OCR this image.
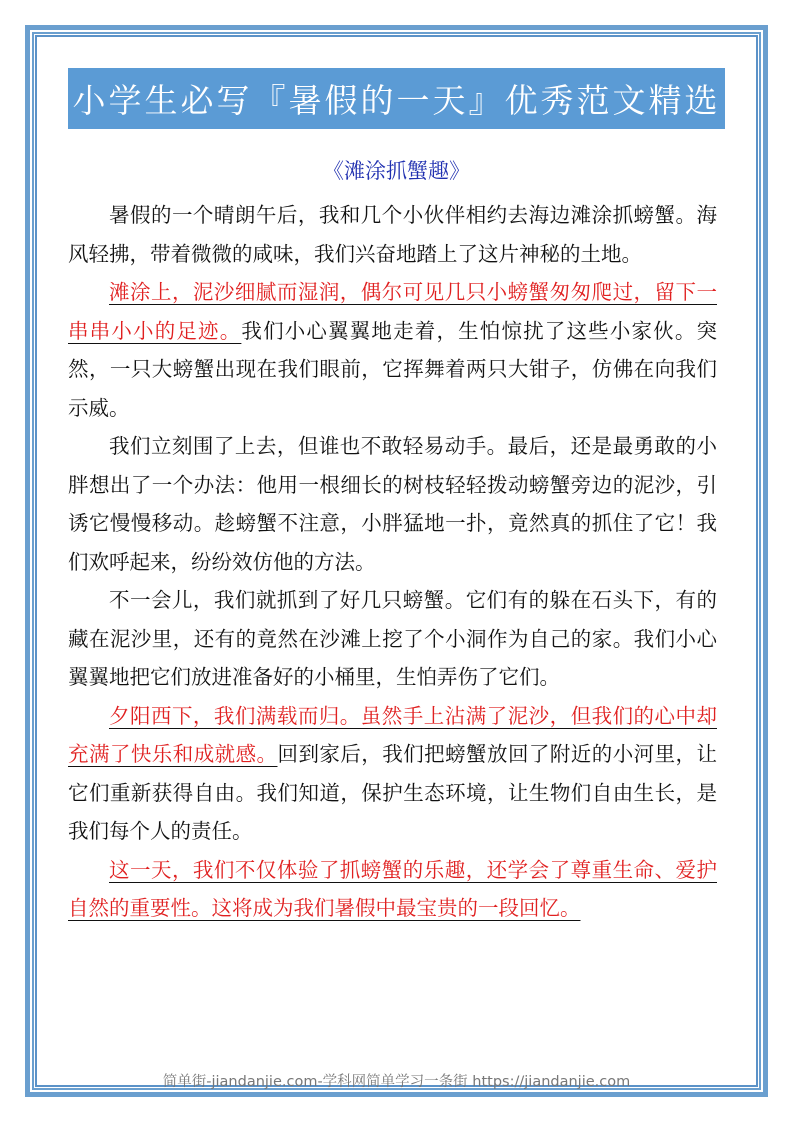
小学生必写『暑假的一天』优秀范文精选
《滩涂抓蟹趣》

暑假的一个晴朗午后，我和几个小伙伴相约去海边滩涂抓螃蟹。海风轻拂，带着微微的咸味，我们兴奋地踏上了这片神秘的土地。

滩涂上，泥沙细腻而湿润，偶尔可见几只小螃蟹匆匆爬过，留下一串串小小的足迹。我们小心翼翼地走着，生怕惊扰了这些小家伙。突然，一只大螃蟹出现在我们眼前，它挥舞着两只大钳子，仿佛在向我们示威。

我们立刻围了上去，但谁也不敢轻易动手。最后，还是最勇敢的小胖想出了一个办法：他用一根细长的树枝轻轻拨动螃蟹旁边的泥沙，引诱它慢慢移动。趁螃蟹不注意，小胖猛地一扑，竟然真的抓住了它！我们欢呼起来，纷纷效仿他的方法。

不一会儿，我们就抓到了好几只螃蟹。它们有的躲在石头下，有的藏在泥沙里，还有的竟然在沙滩上挖了个小洞作为自己的家。我们小心翼翼地把它们放进准备好的小桶里，生怕弄伤了它们。

夕阳西下，我们满载而归。虽然手上沾满了泥沙，但我们的心中却充满了快乐和成就感。回到家后，我们把螃蟹放回了附近的小河里，让它们重新获得自由。我们知道，保护生态环境，让生物们自由生长，是我们每个人的责任。

这一天，我们不仅体验了抓螃蟹的乐趣，还学会了尊重生命、爱护自然的重要性。这将成为我们暑假中最宝贵的一段回忆。

简单街-jiandanjie.com-学科网简单学习一条街 https://jiandanjie.com
